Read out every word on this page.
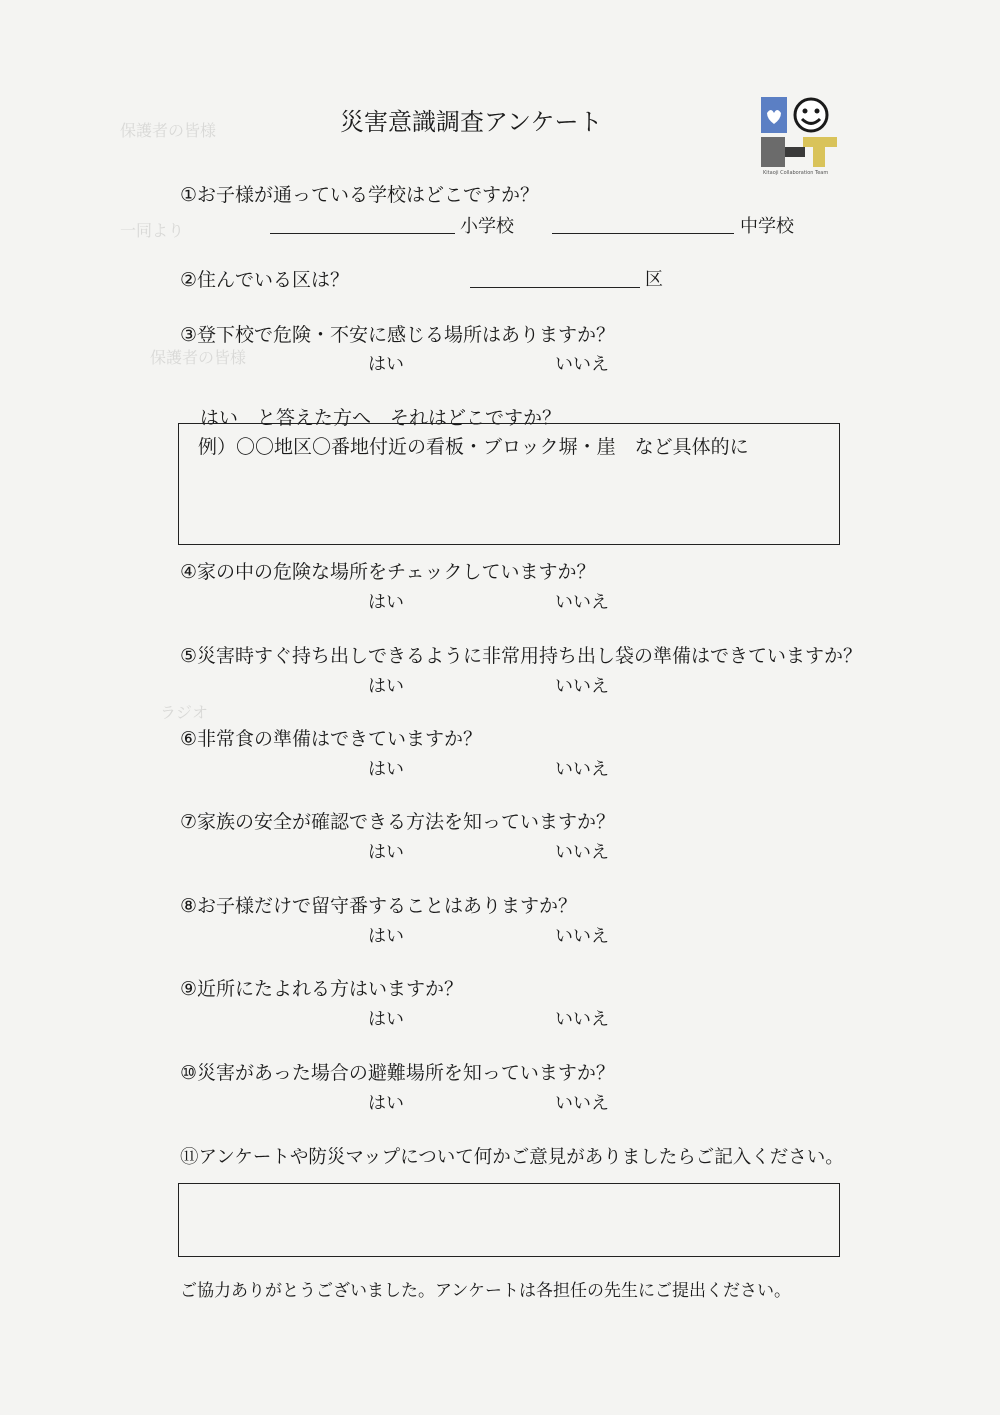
保護者の皆様
一同より
保護者の皆様
ラジオ
災害意識調査アンケート
Kitaoji Collaboration Team
①お子様が通っている学校はどこですか？
小学校	中学校
②住んでいる区は？	区
③登下校で危険・不安に感じる場所はありますか？
はい	いいえ
はい　と答えた方へ　それはどこですか？
例）〇〇地区〇番地付近の看板・ブロック塀・崖　など具体的に
④家の中の危険な場所をチェックしていますか？
はい	いいえ
⑤災害時すぐ持ち出しできるように非常用持ち出し袋の準備はできていますか？
はい	いいえ
⑥非常食の準備はできていますか？
はい	いいえ
⑦家族の安全が確認できる方法を知っていますか？
はい	いいえ
⑧お子様だけで留守番することはありますか？
はい	いいえ
⑨近所にたよれる方はいますか？
はい	いいえ
⑩災害があった場合の避難場所を知っていますか？
はい	いいえ
⑪アンケートや防災マップについて何かご意見がありましたらご記入ください。
ご協力ありがとうございました。アンケートは各担任の先生にご提出ください。
